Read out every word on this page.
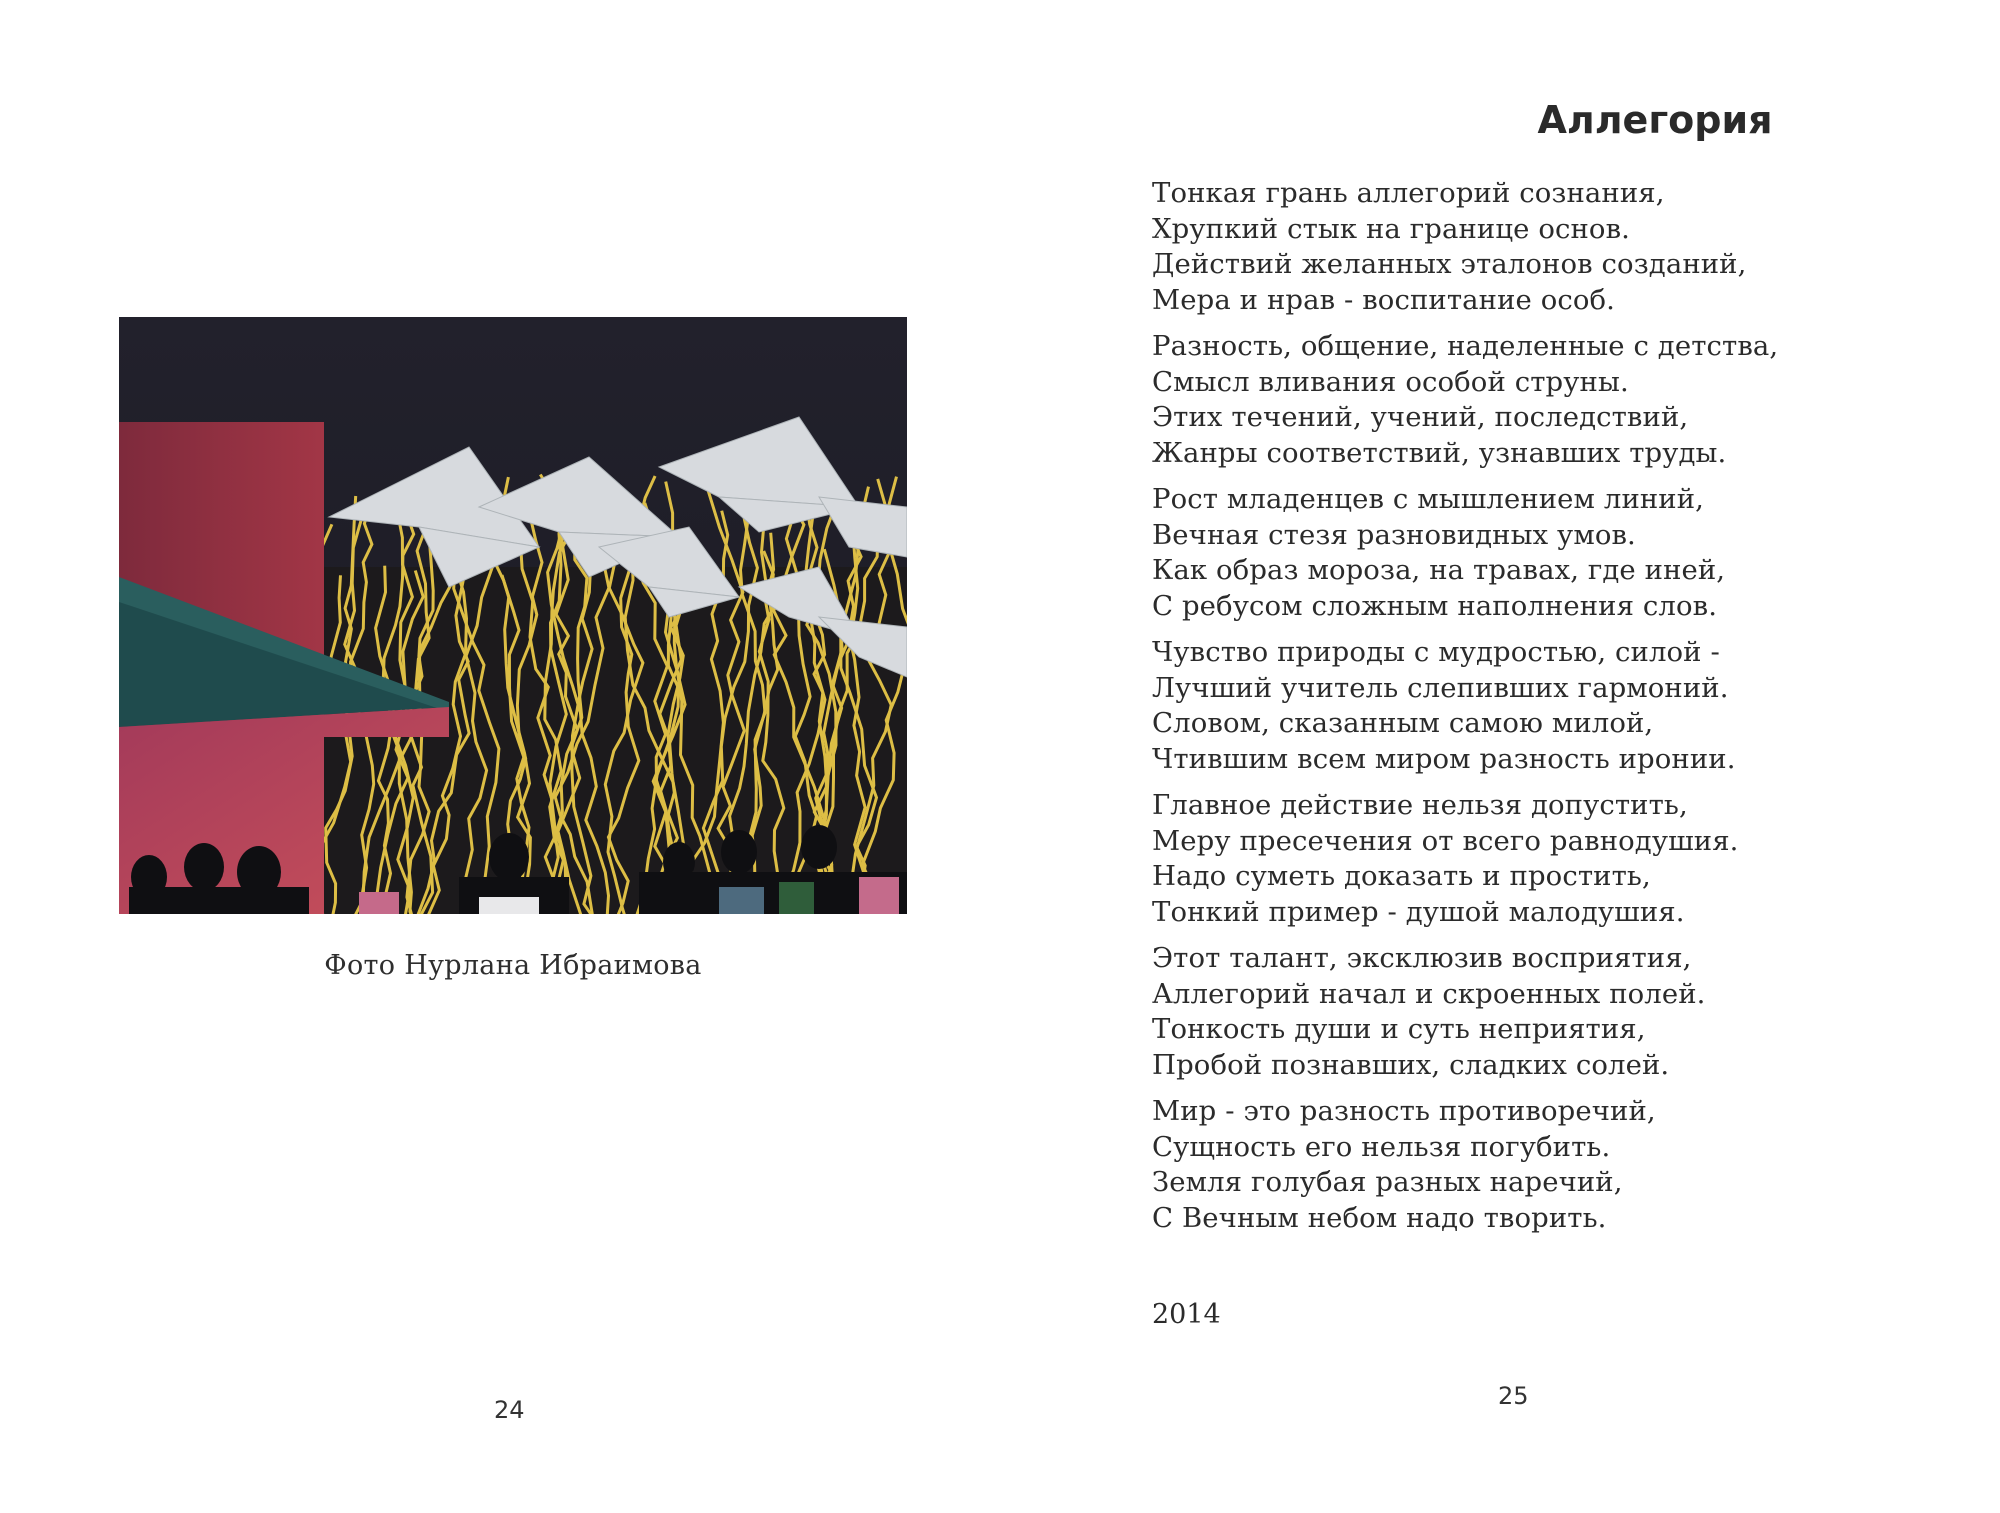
Фото Нурлана Ибраимова
24
Аллегория
Тонкая грань аллегорий сознания,
Хрупкий стык на границе основ.
Действий желанных эталонов созданий,
Мера и нрав - воспитание особ.
Разность, общение, наделенные с детства,
Смысл вливания особой струны.
Этих течений, учений, последствий,
Жанры соответствий, узнавших труды.
Рост младенцев с мышлением линий,
Вечная стезя разновидных умов.
Как образ мороза, на травах, где иней,
С ребусом сложным наполнения слов.
Чувство природы с мудростью, силой -
Лучший учитель слепивших гармоний.
Словом, сказанным самою милой,
Чтившим всем миром разность иронии.
Главное действие нельзя допустить,
Меру пресечения от всего равнодушия.
Надо суметь доказать и простить,
Тонкий пример - душой малодушия.
Этот талант, эксклюзив восприятия,
Аллегорий начал и скроенных полей.
Тонкость души и суть неприятия,
Пробой познавших, сладких солей.
Мир - это разность противоречий,
Сущность его нельзя погубить.
Земля голубая разных наречий,
С Вечным небом надо творить.
2014
25
